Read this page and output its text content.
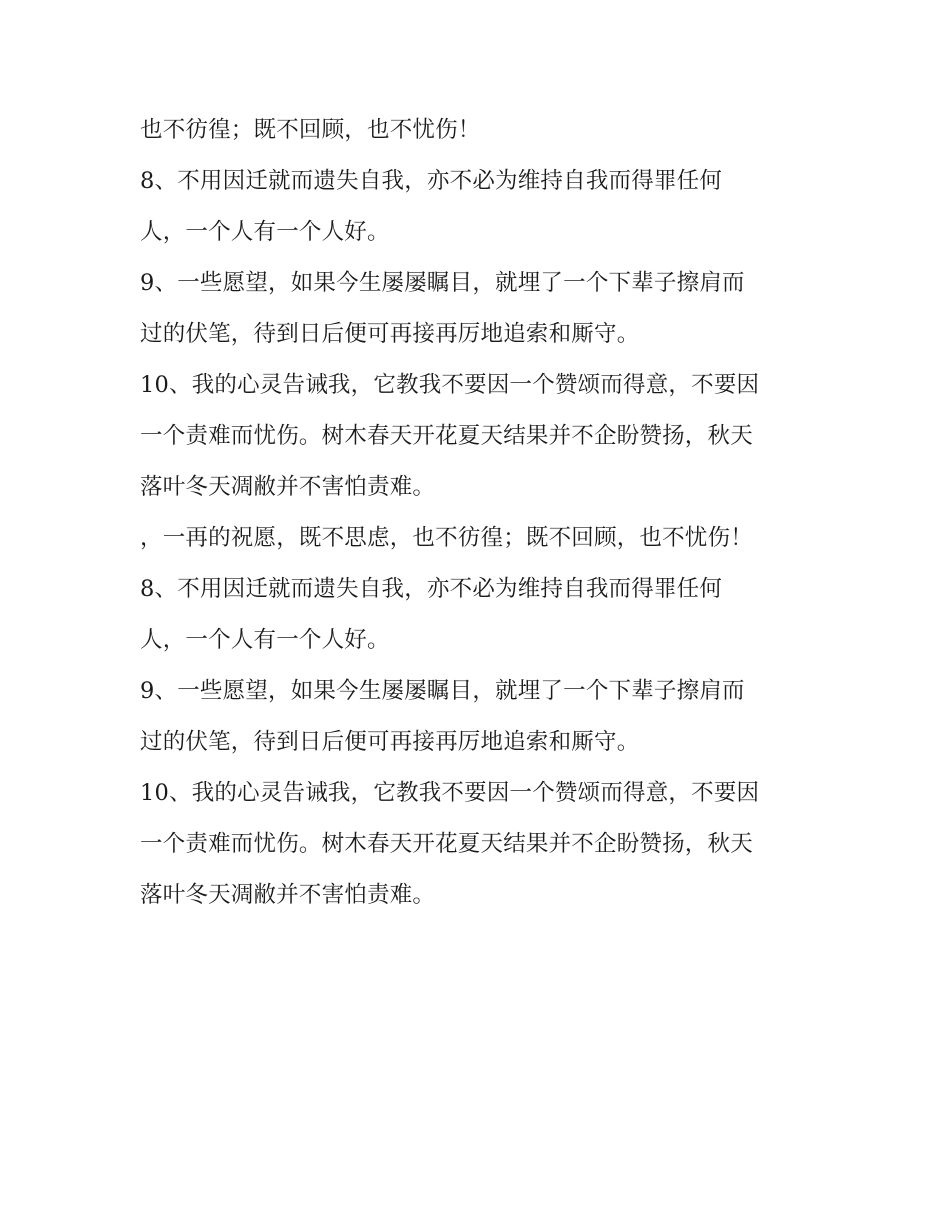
也不彷徨；既不回顾，也不忧伤！
8、不用因迁就而遗失自我，亦不必为维持自我而得罪任何
人，一个人有一个人好。
9、一些愿望，如果今生屡屡瞩目，就埋了一个下辈子擦肩而
过的伏笔，待到日后便可再接再厉地追索和厮守。
10、我的心灵告诫我，它教我不要因一个赞颂而得意，不要因
一个责难而忧伤。树木春天开花夏天结果并不企盼赞扬，秋天
落叶冬天凋敝并不害怕责难。
，一再的祝愿，既不思虑，也不彷徨；既不回顾，也不忧伤！
8、不用因迁就而遗失自我，亦不必为维持自我而得罪任何
人，一个人有一个人好。
9、一些愿望，如果今生屡屡瞩目，就埋了一个下辈子擦肩而
过的伏笔，待到日后便可再接再厉地追索和厮守。
10、我的心灵告诫我，它教我不要因一个赞颂而得意，不要因
一个责难而忧伤。树木春天开花夏天结果并不企盼赞扬，秋天
落叶冬天凋敝并不害怕责难。
